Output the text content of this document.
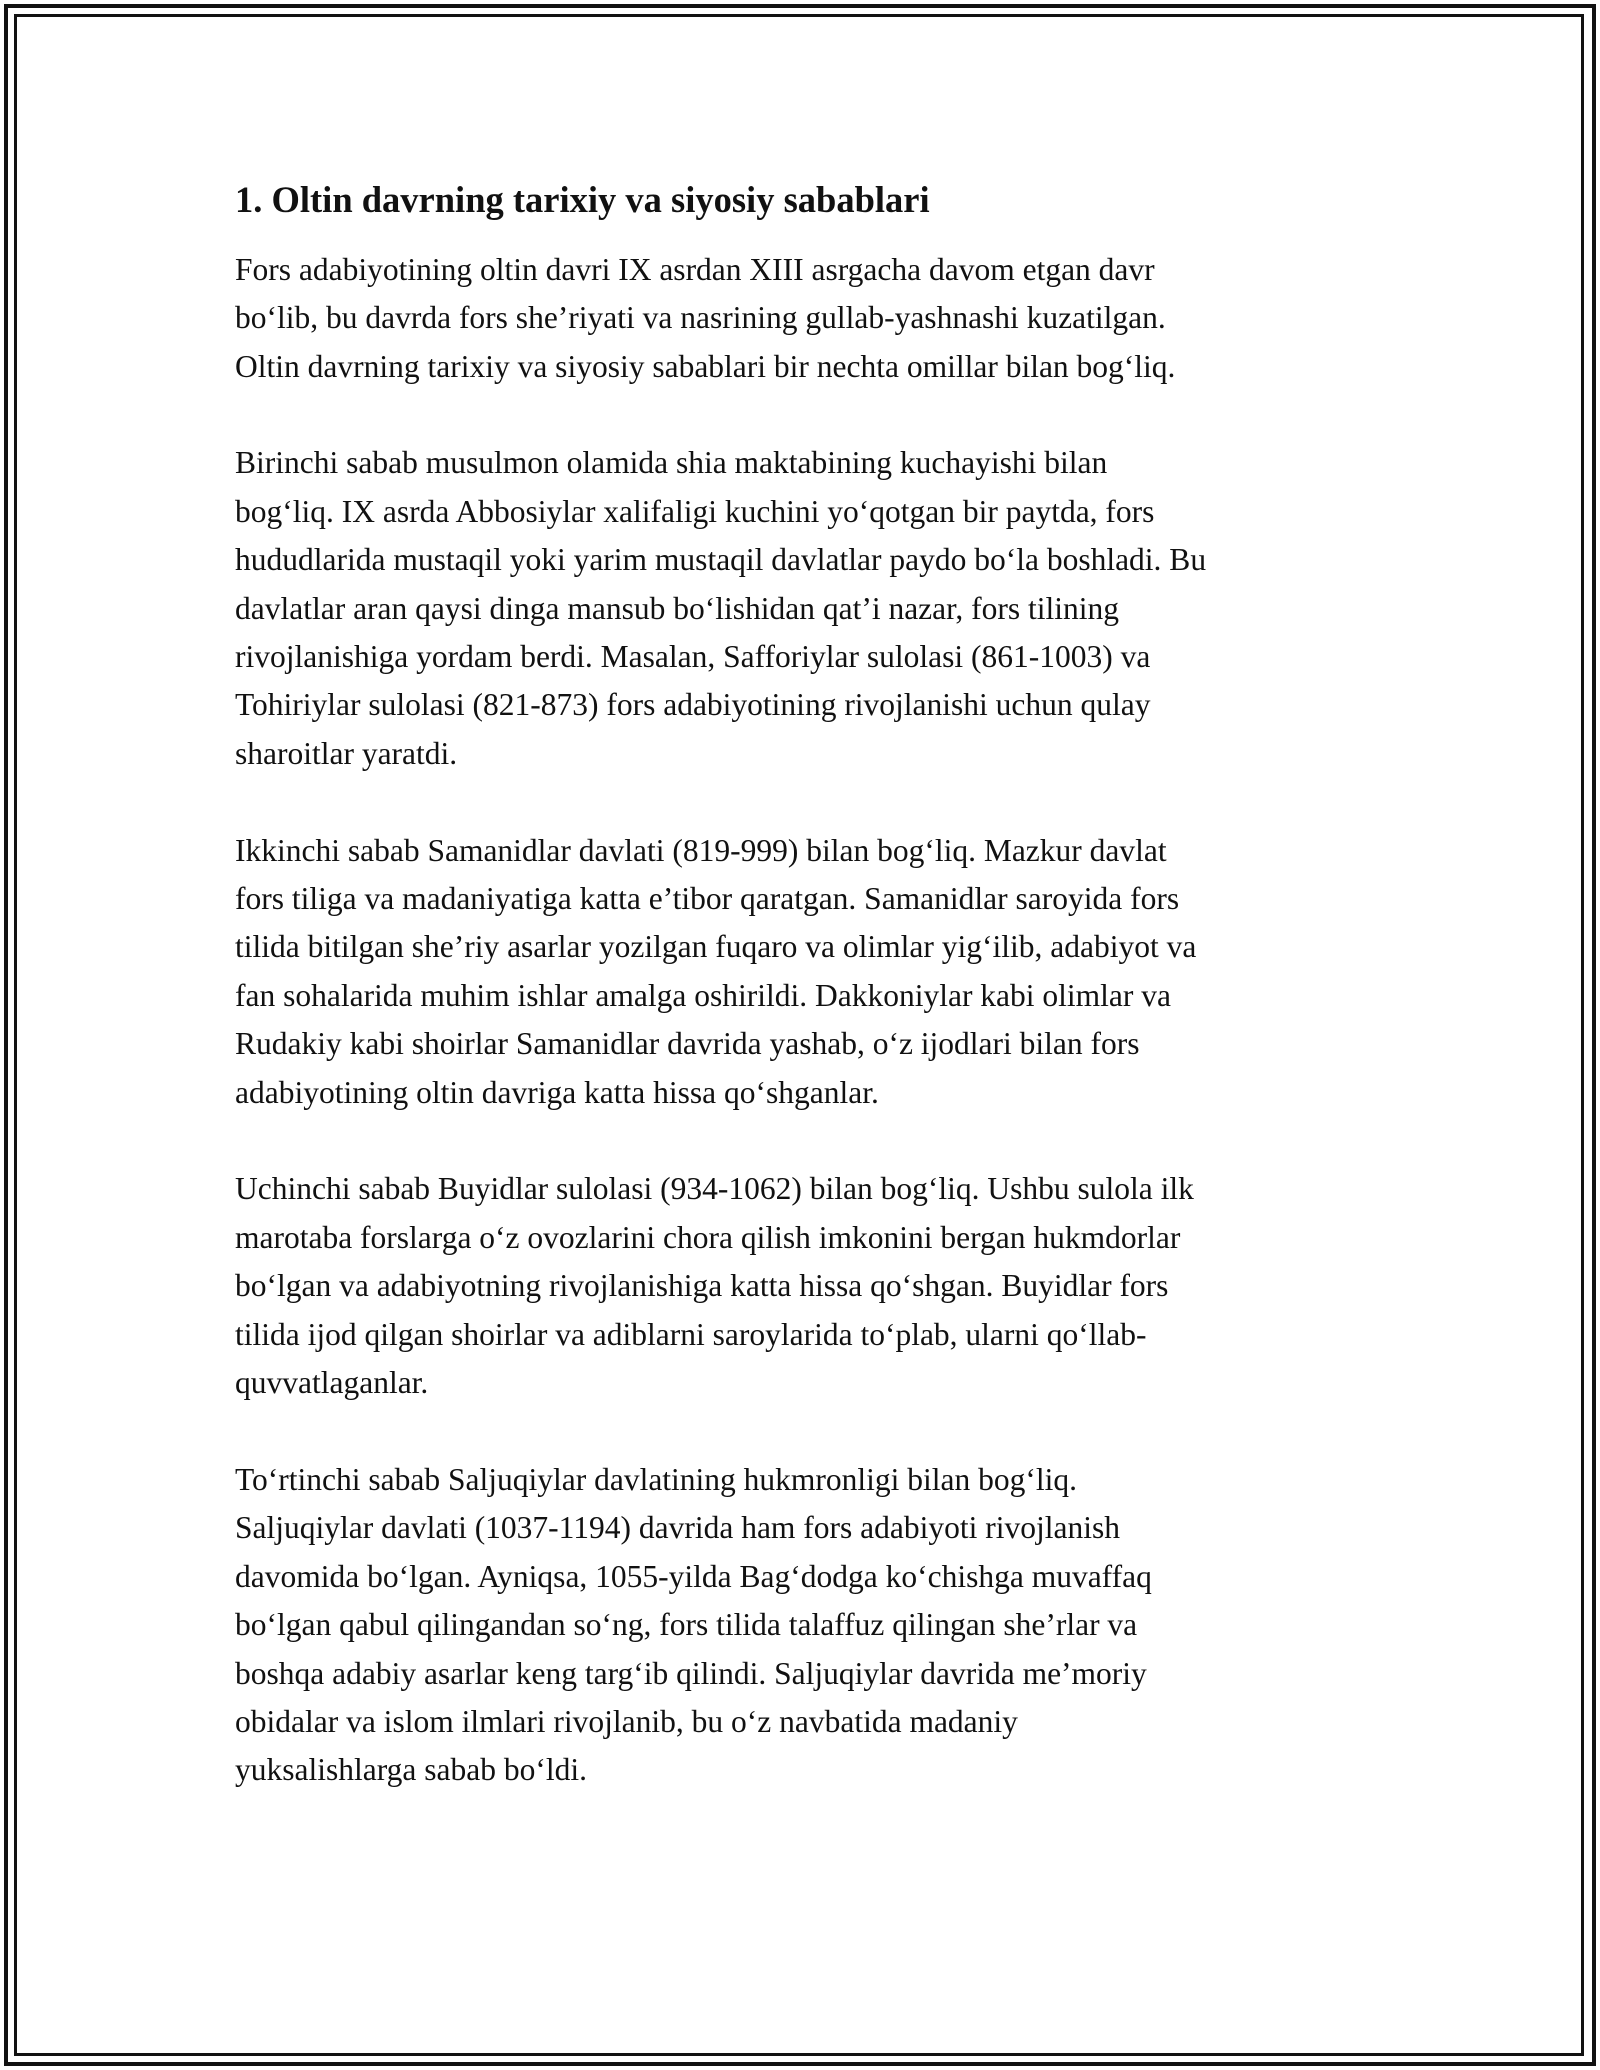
1. Oltin davrning tarixiy va siyosiy sabablari

Fors adabiyotining oltin davri IX asrdan XIII asrgacha davom etgan davr
bo‘lib, bu davrda fors she’riyati va nasrining gullab-yashnashi kuzatilgan.
Oltin davrning tarixiy va siyosiy sabablari bir nechta omillar bilan bog‘liq.

Birinchi sabab musulmon olamida shia maktabining kuchayishi bilan
bog‘liq. IX asrda Abbosiylar xalifaligi kuchini yo‘qotgan bir paytda, fors
hududlarida mustaqil yoki yarim mustaqil davlatlar paydo bo‘la boshladi. Bu
davlatlar aran qaysi dinga mansub bo‘lishidan qat’i nazar, fors tilining
rivojlanishiga yordam berdi. Masalan, Safforiylar sulolasi (861-1003) va
Tohiriylar sulolasi (821-873) fors adabiyotining rivojlanishi uchun qulay
sharoitlar yaratdi.

Ikkinchi sabab Samanidlar davlati (819-999) bilan bog‘liq. Mazkur davlat
fors tiliga va madaniyatiga katta e’tibor qaratgan. Samanidlar saroyida fors
tilida bitilgan she’riy asarlar yozilgan fuqaro va olimlar yig‘ilib, adabiyot va
fan sohalarida muhim ishlar amalga oshirildi. Dakkoniylar kabi olimlar va
Rudakiy kabi shoirlar Samanidlar davrida yashab, o‘z ijodlari bilan fors
adabiyotining oltin davriga katta hissa qo‘shganlar.

Uchinchi sabab Buyidlar sulolasi (934-1062) bilan bog‘liq. Ushbu sulola ilk
marotaba forslarga o‘z ovozlarini chora qilish imkonini bergan hukmdorlar
bo‘lgan va adabiyotning rivojlanishiga katta hissa qo‘shgan. Buyidlar fors
tilida ijod qilgan shoirlar va adiblarni saroylarida to‘plab, ularni qo‘llab-
quvvatlaganlar.

To‘rtinchi sabab Saljuqiylar davlatining hukmronligi bilan bog‘liq.
Saljuqiylar davlati (1037-1194) davrida ham fors adabiyoti rivojlanish
davomida bo‘lgan. Ayniqsa, 1055-yilda Bag‘dodga ko‘chishga muvaffaq
bo‘lgan qabul qilingandan so‘ng, fors tilida talaffuz qilingan she’rlar va
boshqa adabiy asarlar keng targ‘ib qilindi. Saljuqiylar davrida me’moriy
obidalar va islom ilmlari rivojlanib, bu o‘z navbatida madaniy
yuksalishlarga sabab bo‘ldi.
